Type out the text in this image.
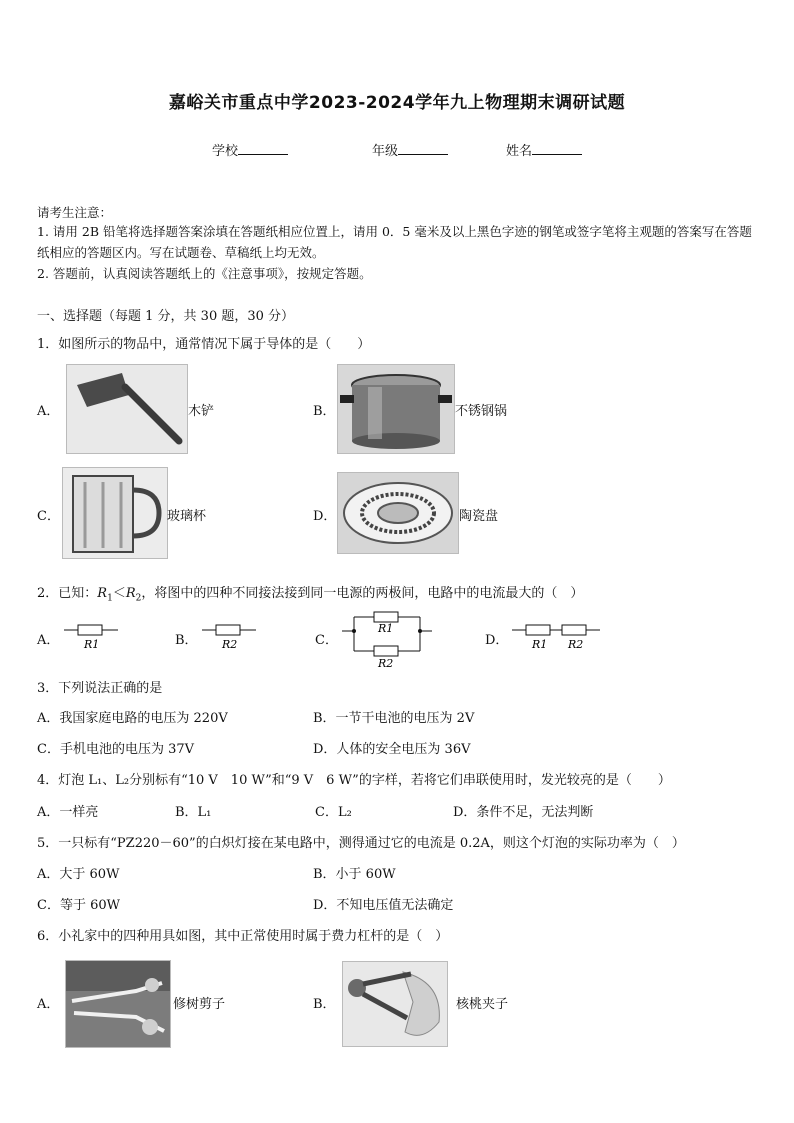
嘉峪关市重点中学2023-2024学年九上物理期末调研试题
学校	年级	姓名
请考生注意：
1. 请用 2B 铅笔将选择题答案涂填在答题纸相应位置上，请用 0．5 毫米及以上黑色字迹的钢笔或签字笔将主观题的答案写在答题纸相应的答题区内。写在试题卷、草稿纸上均无效。
2. 答题前，认真阅读答题纸上的《注意事项》，按规定答题。
一、选择题（每题 1 分，共 30 题，30 分）
1．如图所示的物品中，通常情况下属于导体的是（　　）
A．	木铲	B．	不锈钢锅
C．	玻璃杯	D．	陶瓷盘
2．已知：$R_1<R_2$，将图中的四种不同接法接到同一电源的两极间，电路中的电流最大的（　）
A． R1	B． R2	C．
R1
R2
D． R1 R2
3．下列说法正确的是
A．我国家庭电路的电压为 220V	B．一节干电池的电压为 2V
C．手机电池的电压为 37V	D．人体的安全电压为 36V
4．灯泡 L₁、L₂分别标有“10 V　10 W”和“9 V　6 W”的字样，若将它们串联使用时，发光较亮的是（　　）
A．一样亮	B．L₁	C．L₂	D．条件不足，无法判断
5．一只标有“PZ220－60”的白炽灯接在某电路中，测得通过它的电流是 0.2A，则这个灯泡的实际功率为（　）
A．大于 60W	B．小于 60W
C．等于 60W	D．不知电压值无法确定
6．小礼家中的四种用具如图，其中正常使用时属于费力杠杆的是（　）
A．	修树剪子	B．	核桃夹子
